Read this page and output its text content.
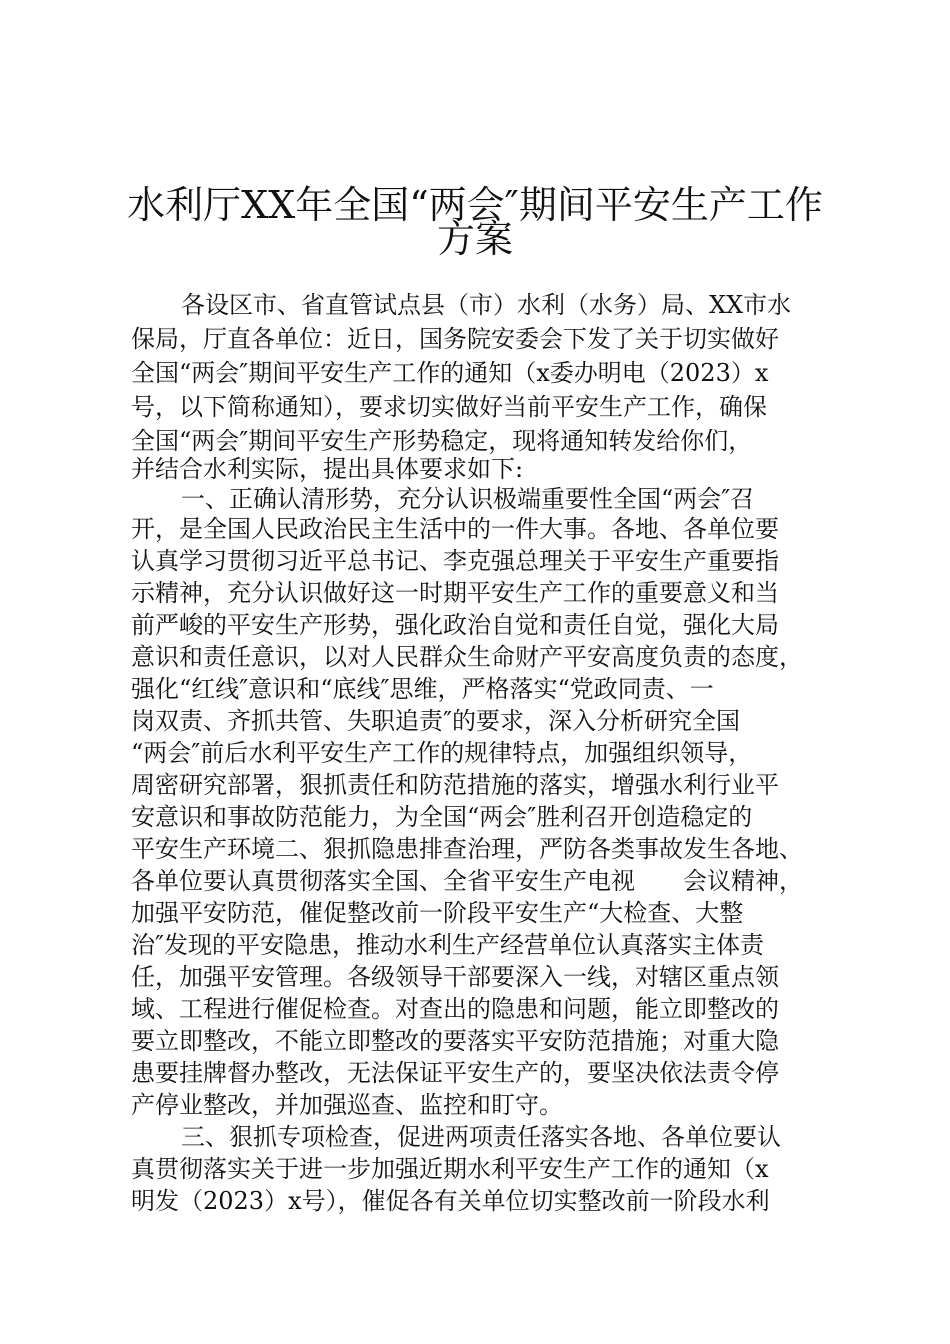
水利厅XX年全国“两会″期间平安生产工作
方案
各设区市、省直管试点县（市）水利（水务）局、XX市水
保局，厅直各单位：近日，国务院安委会下发了关于切实做好
全国“两会″期间平安生产工作的通知（x委办明电（2023）x
号，以下简称通知），要求切实做好当前平安生产工作，确保
全国“两会″期间平安生产形势稳定，现将通知转发给你们，
并结合水利实际，提出具体要求如下:
一、正确认清形势，充分认识极端重要性全国“两会″召
开，是全国人民政治民主生活中的一件大事。各地、各单位要
认真学习贯彻习近平总书记、李克强总理关于平安生产重要指
示精神，充分认识做好这一时期平安生产工作的重要意义和当
前严峻的平安生产形势，强化政治自觉和责任自觉，强化大局
意识和责任意识，以对人民群众生命财产平安高度负责的态度，
强化“红线″意识和“底线″思维，严格落实“党政同责、一
岗双责、齐抓共管、失职追责″的要求，深入分析研究全国
“两会″前后水利平安生产工作的规律特点，加强组织领导，
周密研究部署，狠抓责任和防范措施的落实，增强水利行业平
安意识和事故防范能力，为全国“两会″胜利召开创造稳定的
平安生产环境二、狠抓隐患排查治理，严防各类事故发生各地、
各单位要认真贯彻落实全国、全省平安生产电视　　会议精神，
加强平安防范，催促整改前一阶段平安生产“大检查、大整
治″发现的平安隐患，推动水利生产经营单位认真落实主体责
任，加强平安管理。各级领导干部要深入一线，对辖区重点领
域、工程进行催促检查。对查出的隐患和问题，能立即整改的
要立即整改，不能立即整改的要落实平安防范措施；对重大隐
患要挂牌督办整改，无法保证平安生产的，要坚决依法责令停
产停业整改，并加强巡查、监控和盯守。
三、狠抓专项检查，促进两项责任落实各地、各单位要认
真贯彻落实关于进一步加强近期水利平安生产工作的通知（x
明发（2023）x号），催促各有关单位切实整改前一阶段水利
